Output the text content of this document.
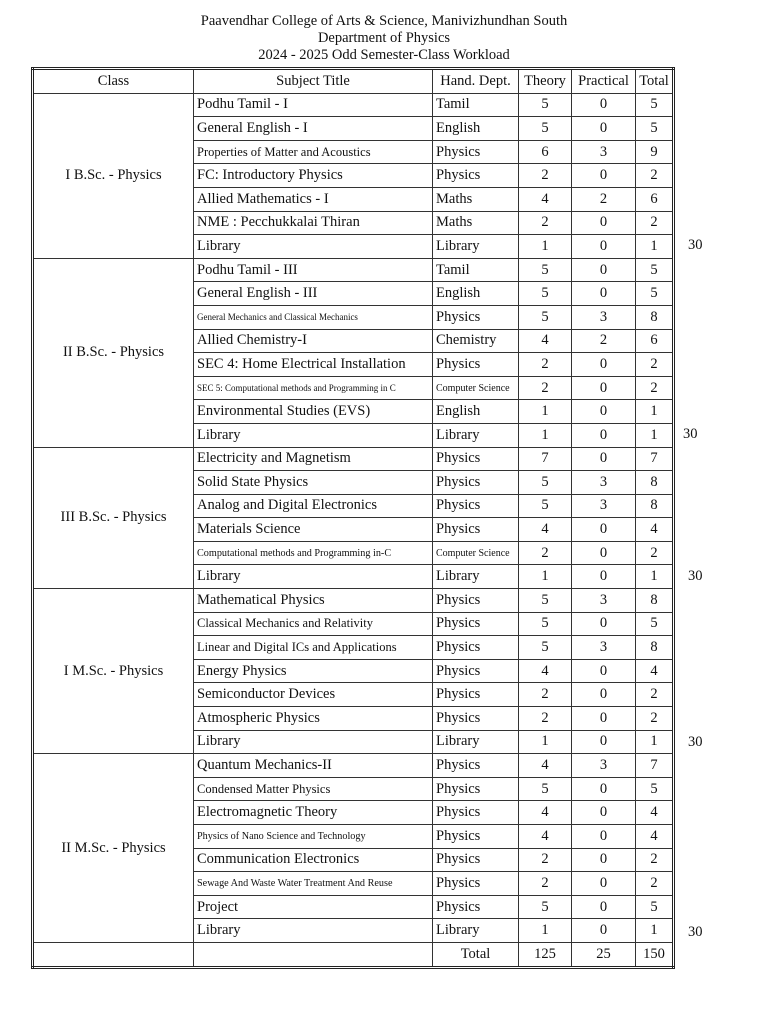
Paavendhar College of Arts & Science, Manivizhundhan South
Department of Physics
2024 - 2025 Odd Semester-Class Workload
Class	Subject Title	Hand. Dept.	Theory	Practical	Total
I B.Sc. - Physics	Podhu Tamil - I	Tamil	5	0	5
	General English - I	English	5	0	5
	Properties of Matter and Acoustics	Physics	6	3	9
	FC: Introductory Physics	Physics	2	0	2
	Allied Mathematics - I	Maths	4	2	6
	NME : Pecchukkalai Thiran	Maths	2	0	2
	Library	Library	1	0	1
II B.Sc. - Physics	Podhu Tamil - III	Tamil	5	0	5
	General English - III	English	5	0	5
	General Mechanics and Classical Mechanics	Physics	5	3	8
	Allied Chemistry-I	Chemistry	4	2	6
	SEC 4: Home Electrical Installation	Physics	2	0	2
	SEC 5: Computational methods and Programming in C	Computer Science	2	0	2
	Environmental Studies (EVS)	English	1	0	1
	Library	Library	1	0	1
III B.Sc. - Physics	Electricity and Magnetism	Physics	7	0	7
	Solid State Physics	Physics	5	3	8
	Analog and Digital Electronics	Physics	5	3	8
	Materials Science	Physics	4	0	4
	Computational methods and Programming in-C	Computer Science	2	0	2
	Library	Library	1	0	1
I M.Sc. - Physics	Mathematical Physics	Physics	5	3	8
	Classical Mechanics and Relativity	Physics	5	0	5
	Linear and Digital ICs and Applications	Physics	5	3	8
	Energy Physics	Physics	4	0	4
	Semiconductor Devices	Physics	2	0	2
	Atmospheric Physics	Physics	2	0	2
	Library	Library	1	0	1
II M.Sc. - Physics	Quantum Mechanics-II	Physics	4	3	7
	Condensed Matter Physics	Physics	5	0	5
	Electromagnetic Theory	Physics	4	0	4
	Physics of Nano Science and Technology	Physics	4	0	4
	Communication Electronics	Physics	2	0	2
	Sewage And Waste Water Treatment And Reuse	Physics	2	0	2
	Project	Physics	5	0	5
	Library	Library	1	0	1
		Total	125	25	150
30
30
30
30
30
